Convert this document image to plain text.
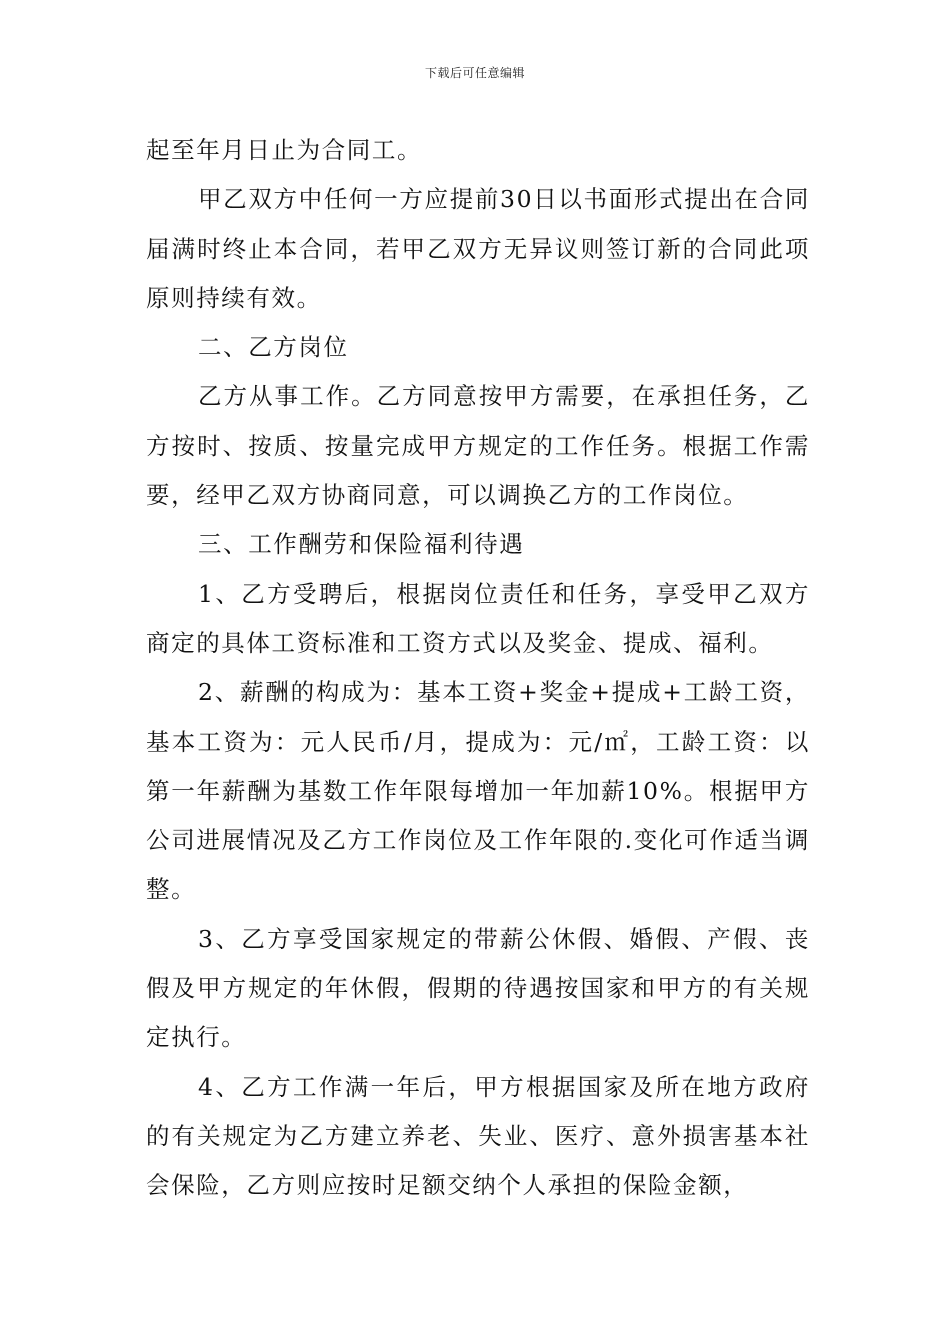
下载后可任意编辑

起至年月日止为合同工。

甲乙双方中任何一方应提前30日以书面形式提出在合同届满时终止本合同，若甲乙双方无异议则签订新的合同此项原则持续有效。

二、乙方岗位

乙方从事工作。乙方同意按甲方需要，在承担任务，乙方按时、按质、按量完成甲方规定的工作任务。根据工作需要，经甲乙双方协商同意，可以调换乙方的工作岗位。

三、工作酬劳和保险福利待遇

1、乙方受聘后，根据岗位责任和任务，享受甲乙双方商定的具体工资标准和工资方式以及奖金、提成、福利。

2、薪酬的构成为：基本工资+奖金+提成+工龄工资，基本工资为：元人民币/月，提成为：元/㎡，工龄工资：以第一年薪酬为基数工作年限每增加一年加薪10%。根据甲方公司进展情况及乙方工作岗位及工作年限的.变化可作适当调整。

3、乙方享受国家规定的带薪公休假、婚假、产假、丧假及甲方规定的年休假，假期的待遇按国家和甲方的有关规定执行。

4、乙方工作满一年后，甲方根据国家及所在地方政府的有关规定为乙方建立养老、失业、医疗、意外损害基本社会保险，乙方则应按时足额交纳个人承担的保险金额，
